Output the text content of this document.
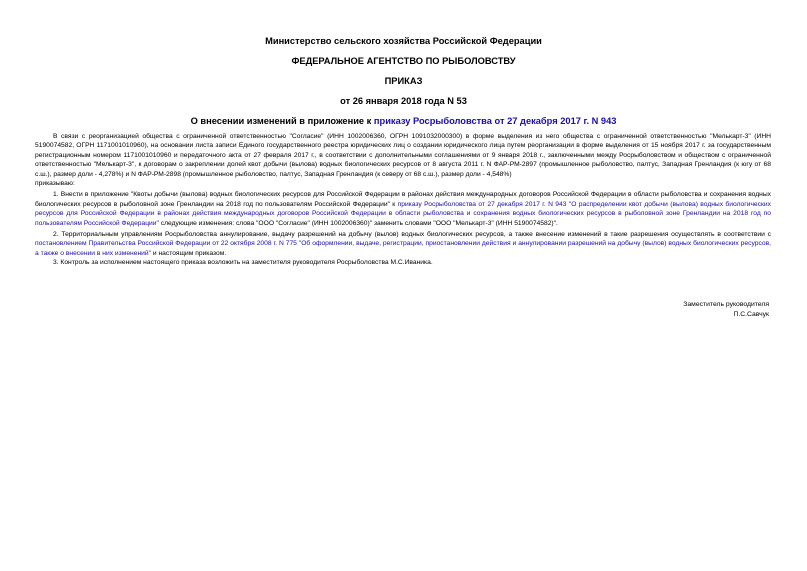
Министерство сельского хозяйства Российской Федерации
ФЕДЕРАЛЬНОЕ АГЕНТСТВО ПО РЫБОЛОВСТВУ
ПРИКАЗ
от 26 января 2018 года N 53
О внесении изменений в приложение к приказу Росрыболовства от 27 декабря 2017 г. N 943

В связи с реорганизацией общества с ограниченной ответственностью "Согласие" (ИНН 1002006360, ОГРН 1091032000300) в форме выделения из него общества с ограниченной ответственностью "Мелькарт-3" (ИНН 5190074582, ОГРН 1171001010960), на основании листа записи Единого государственного реестра юридических лиц о создании юридического лица путем реорганизации в форме выделения от 15 ноября 2017 г. за государственным регистрационным номером 1171001010960 и передаточного акта от 27 февраля 2017 г., в соответствии с дополнительными соглашениями от 9 января 2018 г., заключенными между Росрыболовством и обществом с ограниченной ответственностью "Мелькарт-3", к договорам о закреплении долей квот добычи (вылова) водных биологических ресурсов от 8 августа 2011 г. N ФАР-РМ-2897 (промышленное рыболовство, палтус, Западная Гренландия (к югу от 68 с.ш.), размер доли - 4,278%) и N ФАР-РМ-2898 (промышленное рыболовство, палтус, Западная Гренландия (к северу от 68 с.ш.), размер доли - 4,548%)

приказываю:

1. Внести в приложение "Квоты добычи (вылова) водных биологических ресурсов для Российской Федерации в районах действия международных договоров Российской Федерации в области рыболовства и сохранения водных биологических ресурсов в рыболовной зоне Гренландии на 2018 год по пользователям Российской Федерации" к приказу Росрыболовства от 27 декабря 2017 г. N 943 "О распределении квот добычи (вылова) водных биологических ресурсов для Российской Федерации в районах действия международных договоров Российской Федерации в области рыболовства и сохранения водных биологических ресурсов в рыболовной зоне Гренландии на 2018 год по пользователям Российской Федерации" следующие изменения: слова "ООО "Согласие" (ИНН 1002006360)" заменить словами "ООО "Мелькарт-3" (ИНН 5190074582)".

2. Территориальным управлениям Росрыболовства аннулирование, выдачу разрешений на добычу (вылов) водных биологических ресурсов, а также внесение изменений в такие разрешения осуществлять в соответствии с постановлением Правительства Российской Федерации от 22 октября 2008 г. N 775 "Об оформлении, выдаче, регистрации, приостановлении действия и аннулировании разрешений на добычу (вылов) водных биологических ресурсов, а также о внесении в них изменений" и настоящим приказом.

3. Контроль за исполнением настоящего приказа возложить на заместителя руководителя Росрыболовства М.С.Иваника.

Заместитель руководителя
П.С.Савчук
